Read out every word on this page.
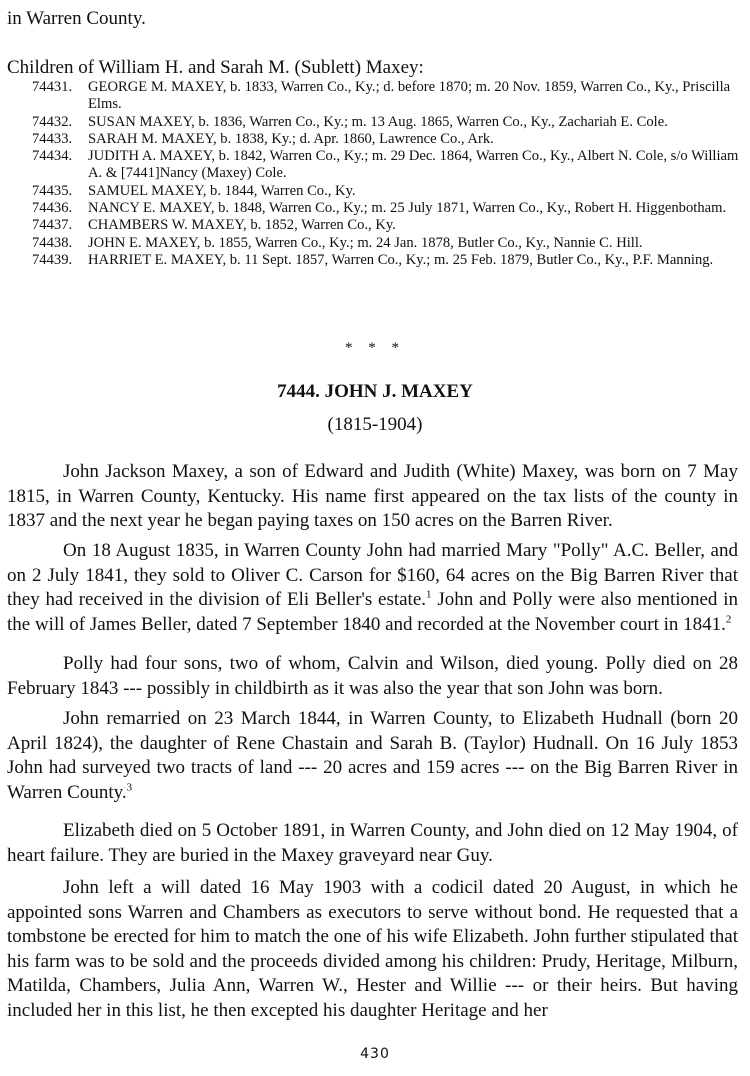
in Warren County.
Children of William H. and Sarah M. (Sublett) Maxey:
74431.	GEORGE M. MAXEY, b. 1833, Warren Co., Ky.; d. before 1870; m. 20 Nov. 1859, Warren Co., Ky., Priscilla Elms.
74432.	SUSAN MAXEY, b. 1836, Warren Co., Ky.; m. 13 Aug. 1865, Warren Co., Ky., Zachariah E. Cole.
74433.	SARAH M. MAXEY, b. 1838, Ky.; d. Apr. 1860, Lawrence Co., Ark.
74434.	JUDITH A. MAXEY, b. 1842, Warren Co., Ky.; m. 29 Dec. 1864, Warren Co., Ky., Albert N. Cole, s/o William A. & [7441]Nancy (Maxey) Cole.
74435.	SAMUEL MAXEY, b. 1844, Warren Co., Ky.
74436.	NANCY E. MAXEY, b. 1848, Warren Co., Ky.; m. 25 July 1871, Warren Co., Ky., Robert H. Higgenbotham.
74437.	CHAMBERS W. MAXEY, b. 1852, Warren Co., Ky.
74438.	JOHN E. MAXEY, b. 1855, Warren Co., Ky.; m. 24 Jan. 1878, Butler Co., Ky., Nannie C. Hill.
74439.	HARRIET E. MAXEY, b. 11 Sept. 1857, Warren Co., Ky.; m. 25 Feb. 1879, Butler Co., Ky., P.F. Manning.
* * *
7444. JOHN J. MAXEY
(1815-1904)

John Jackson Maxey, a son of Edward and Judith (White) Maxey, was born on 7 May 1815, in Warren County, Kentucky. His name first appeared on the tax lists of the county in 1837 and the next year he began paying taxes on 150 acres on the Barren River.

On 18 August 1835, in Warren County John had married Mary "Polly" A.C. Beller, and on 2 July 1841, they sold to Oliver C. Carson for $160, 64 acres on the Big Barren River that they had received in the division of Eli Beller's estate.$^1$ John and Polly were also mentioned in the will of James Beller, dated 7 September 1840 and recorded at the November court in 1841.$^2$

Polly had four sons, two of whom, Calvin and Wilson, died young. Polly died on 28 February 1843 --- possibly in childbirth as it was also the year that son John was born.

John remarried on 23 March 1844, in Warren County, to Elizabeth Hudnall (born 20 April 1824), the daughter of Rene Chastain and Sarah B. (Taylor) Hudnall. On 16 July 1853 John had surveyed two tracts of land --- 20 acres and 159 acres --- on the Big Barren River in Warren County.$^3$

Elizabeth died on 5 October 1891, in Warren County, and John died on 12 May 1904, of heart failure. They are buried in the Maxey graveyard near Guy.

John left a will dated 16 May 1903 with a codicil dated 20 August, in which he appointed sons Warren and Chambers as executors to serve without bond. He requested that a tombstone be erected for him to match the one of his wife Elizabeth. John further stipulated that his farm was to be sold and the proceeds divided among his children: Prudy, Heritage, Milburn, Matilda, Chambers, Julia Ann, Warren W., Hester and Willie --- or their heirs. But having included her in this list, he then excepted his daughter Heritage and her

430
